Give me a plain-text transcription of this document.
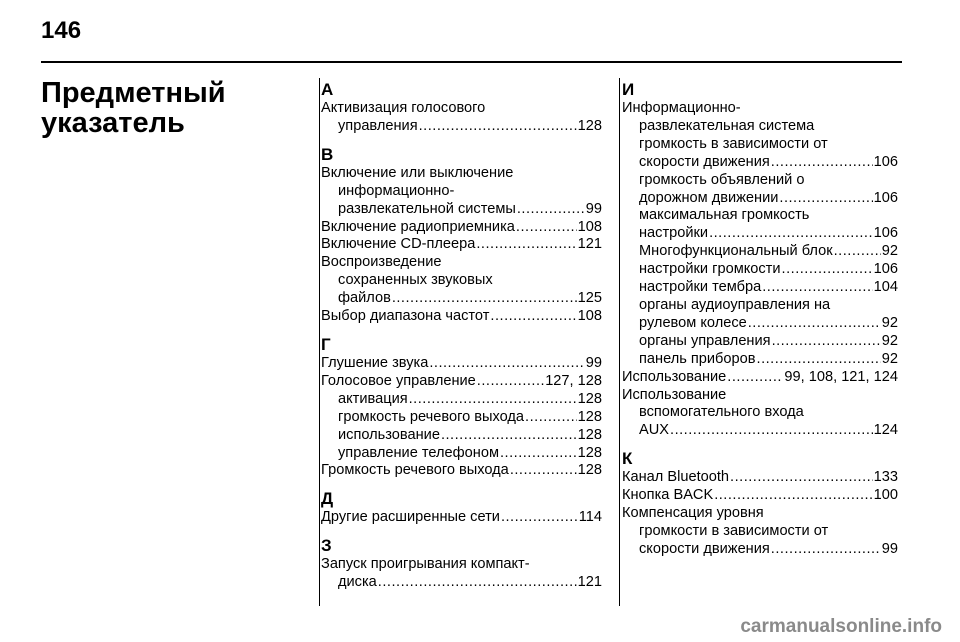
146
Предметный
указатель
А
Активизация голосового
управления .....	128
В
Включение или выключение
информационно-
развлекательной системы .....	99
Включение радиоприемника .....	108
Включение CD-плеера .....	121
Воспроизведение
сохраненных звуковых
файлов .....	125
Выбор диапазона частот .....	108
Г
Глушение звука .....	99
Голосовое управление .....	127, 128
активация .....	128
громкость речевого выхода .....	128
использование .....	128
управление телефоном .....	128
Громкость речевого выхода .....	128
Д
Другие расширенные сети .....	114
З
Запуск проигрывания компакт-
диска .....	121
И
Информационно-
развлекательная система
громкость в зависимости от
скорости движения .....	106
громкость объявлений о
дорожном движении .....	106
максимальная громкость
настройки .....	106
Многофункциональный блок .....	92
настройки громкости .....	106
настройки тембра .....	104
органы аудиоуправления на
рулевом колесе .....	92
органы управления .....	92
панель приборов .....	92
Использование .....	99, 108, 121, 124
Использование
вспомогательного входа
AUX .....	124
К
Канал Bluetooth .....	133
Кнопка BACK .....	100
Компенсация уровня
громкости в зависимости от
скорости движения .....	99
carmanualsonline.info
